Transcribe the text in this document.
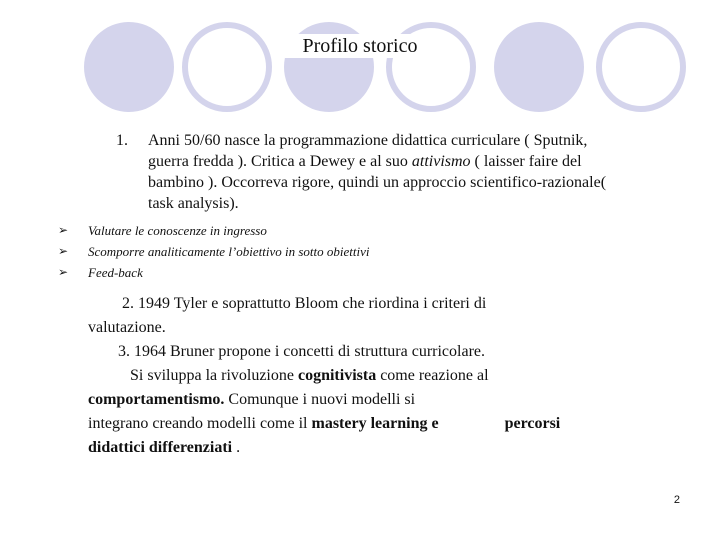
Profilo storico
1. Anni 50/60 nasce la programmazione didattica curriculare ( Sputnik,
guerra fredda ). Critica a Dewey e al suo attivismo ( laisser faire del
bambino ). Occorreva rigore, quindi un approccio scientifico-razionale(
task analysis).
➢ Valutare le conoscenze in ingresso
➢ Scomporre analiticamente l’obiettivo in sotto obiettivi
➢ Feed-back
2. 1949 Tyler e soprattutto Bloom che riordina i criteri di
valutazione.
3. 1964 Bruner propone i concetti di struttura curricolare.
Si sviluppa la rivoluzione cognitivista come reazione al
comportamentismo. Comunque i nuovi modelli si
integrano creando modelli come il mastery learning e	percorsi
didattici differenziati .
2
